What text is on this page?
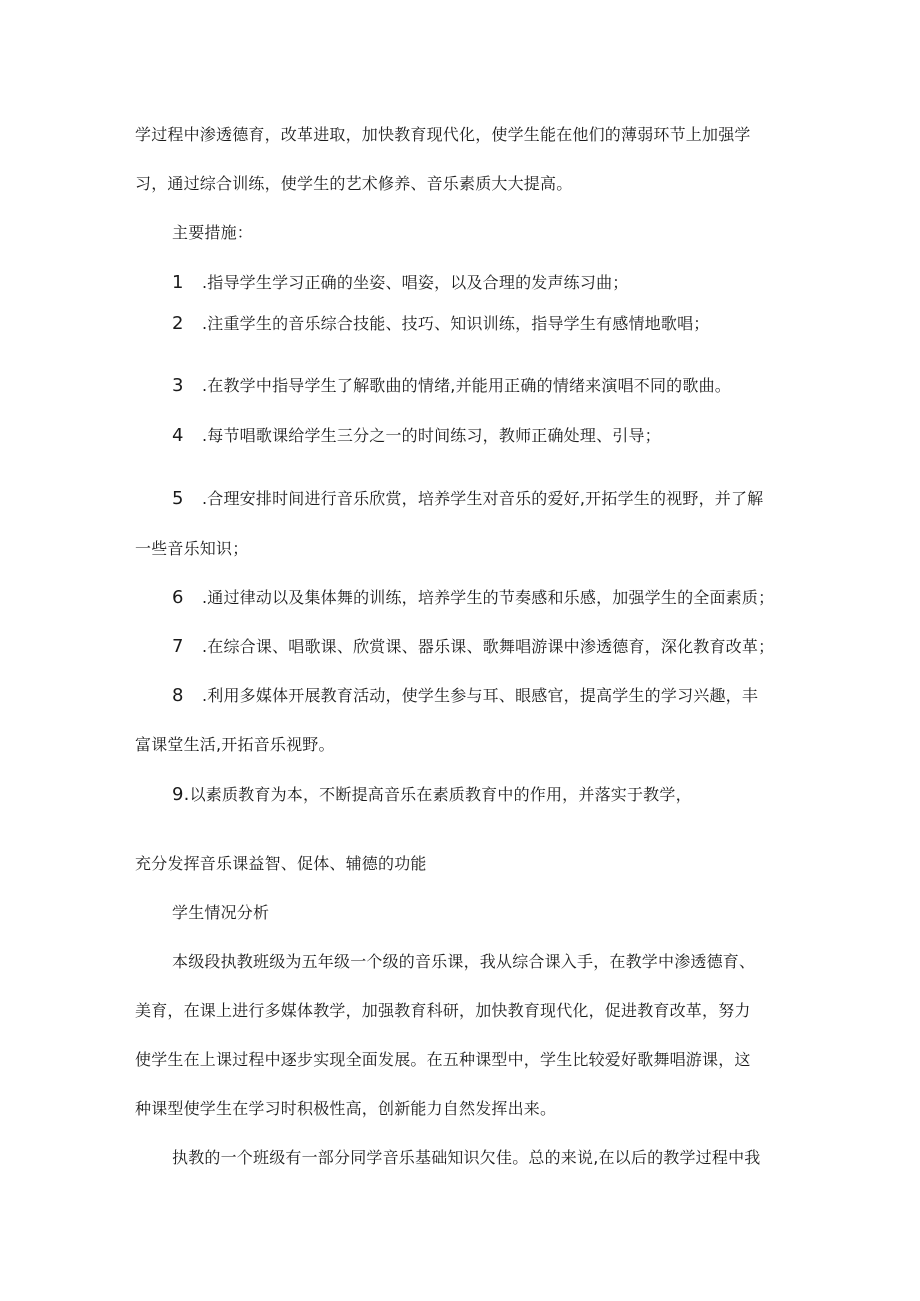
学过程中渗透德育，改革进取，加快教育现代化，使学生能在他们的薄弱环节上加强学
习，通过综合训练，使学生的艺术修养、音乐素质大大提高。
主要措施：
1 .指导学生学习正确的坐姿、唱姿，以及合理的发声练习曲；
2 .注重学生的音乐综合技能、技巧、知识训练，指导学生有感情地歌唱；
3 .在教学中指导学生了解歌曲的情绪,并能用正确的情绪来演唱不同的歌曲。
4 .每节唱歌课给学生三分之一的时间练习，教师正确处理、引导；
5 .合理安排时间进行音乐欣赏，培养学生对音乐的爱好,开拓学生的视野，并了解
一些音乐知识；
6 .通过律动以及集体舞的训练，培养学生的节奏感和乐感，加强学生的全面素质；
7 .在综合课、唱歌课、欣赏课、器乐课、歌舞唱游课中渗透德育，深化教育改革；
8 .利用多媒体开展教育活动，使学生参与耳、眼感官，提高学生的学习兴趣，丰
富课堂生活,开拓音乐视野。
9.以素质教育为本，不断提高音乐在素质教育中的作用，并落实于教学，
充分发挥音乐课益智、促体、辅德的功能
学生情况分析
本级段执教班级为五年级一个级的音乐课，我从综合课入手，在教学中渗透德育、
美育，在课上进行多媒体教学，加强教育科研，加快教育现代化，促进教育改革，努力
使学生在上课过程中逐步实现全面发展。在五种课型中，学生比较爱好歌舞唱游课，这
种课型使学生在学习时积极性高，创新能力自然发挥出来。
执教的一个班级有一部分同学音乐基础知识欠佳。总的来说,在以后的教学过程中我
